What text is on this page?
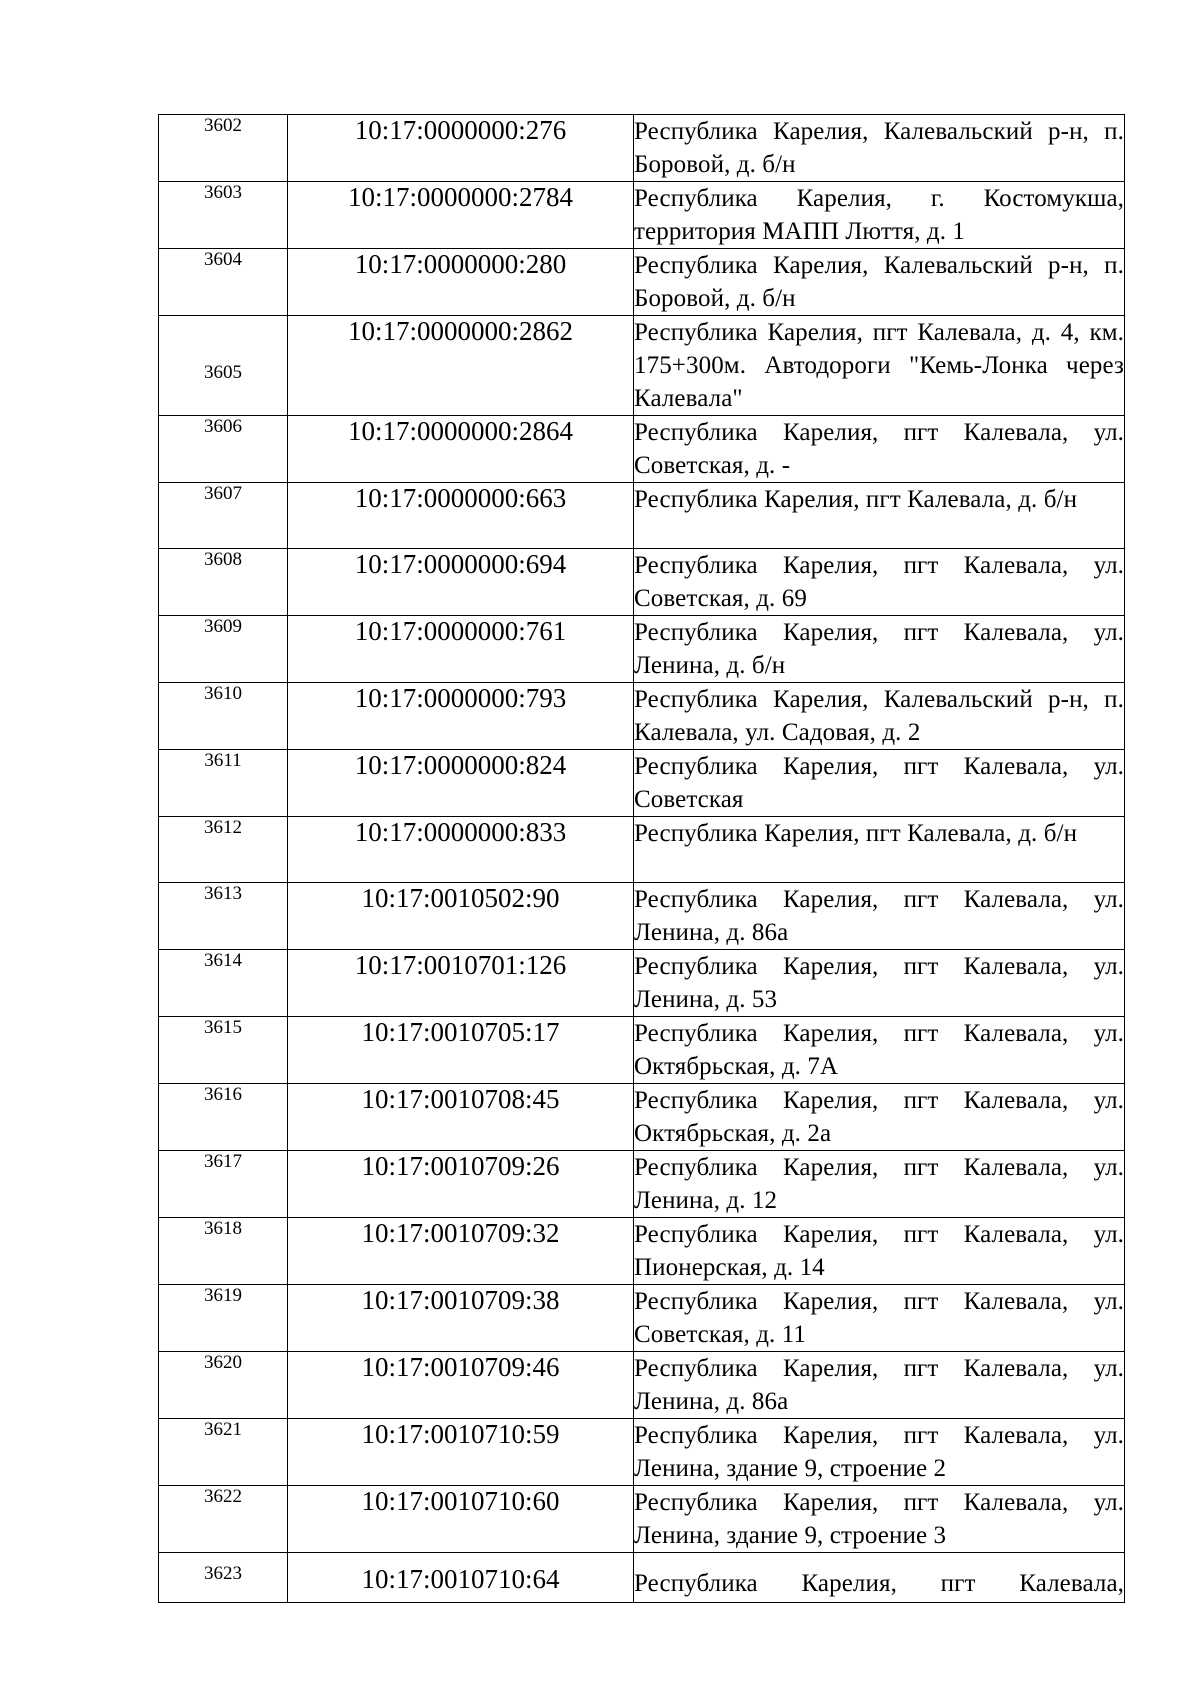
3602	10:17:0000000:276	Республика Карелия, Калевальский р-н, п. Боровой, д. б/н
3603	10:17:0000000:2784	Республика Карелия, г. Костомукша, территория МАПП Люття, д. 1
3604	10:17:0000000:280	Республика Карелия, Калевальский р-н, п. Боровой, д. б/н
3605	10:17:0000000:2862	Республика Карелия, пгт Калевала, д. 4, км. 175+300м. Автодороги "Кемь-Лонка через Калевала"
3606	10:17:0000000:2864	Республика Карелия, пгт Калевала, ул. Советская, д. -
3607	10:17:0000000:663	Республика Карелия, пгт Калевала, д. б/н
3608	10:17:0000000:694	Республика Карелия, пгт Калевала, ул. Советская, д. 69
3609	10:17:0000000:761	Республика Карелия, пгт Калевала, ул. Ленина, д. б/н
3610	10:17:0000000:793	Республика Карелия, Калевальский р-н, п. Калевала, ул. Садовая, д. 2
3611	10:17:0000000:824	Республика Карелия, пгт Калевала, ул. Советская
3612	10:17:0000000:833	Республика Карелия, пгт Калевала, д. б/н
3613	10:17:0010502:90	Республика Карелия, пгт Калевала, ул. Ленина, д. 86а
3614	10:17:0010701:126	Республика Карелия, пгт Калевала, ул. Ленина, д. 53
3615	10:17:0010705:17	Республика Карелия, пгт Калевала, ул. Октябрьская, д. 7А
3616	10:17:0010708:45	Республика Карелия, пгт Калевала, ул. Октябрьская, д. 2а
3617	10:17:0010709:26	Республика Карелия, пгт Калевала, ул. Ленина, д. 12
3618	10:17:0010709:32	Республика Карелия, пгт Калевала, ул. Пионерская, д. 14
3619	10:17:0010709:38	Республика Карелия, пгт Калевала, ул. Советская, д. 11
3620	10:17:0010709:46	Республика Карелия, пгт Калевала, ул. Ленина, д. 86а
3621	10:17:0010710:59	Республика Карелия, пгт Калевала, ул. Ленина, здание 9, строение 2
3622	10:17:0010710:60	Республика Карелия, пгт Калевала, ул. Ленина, здание 9, строение 3
3623	10:17:0010710:64	Республика Карелия, пгт Калевала,
